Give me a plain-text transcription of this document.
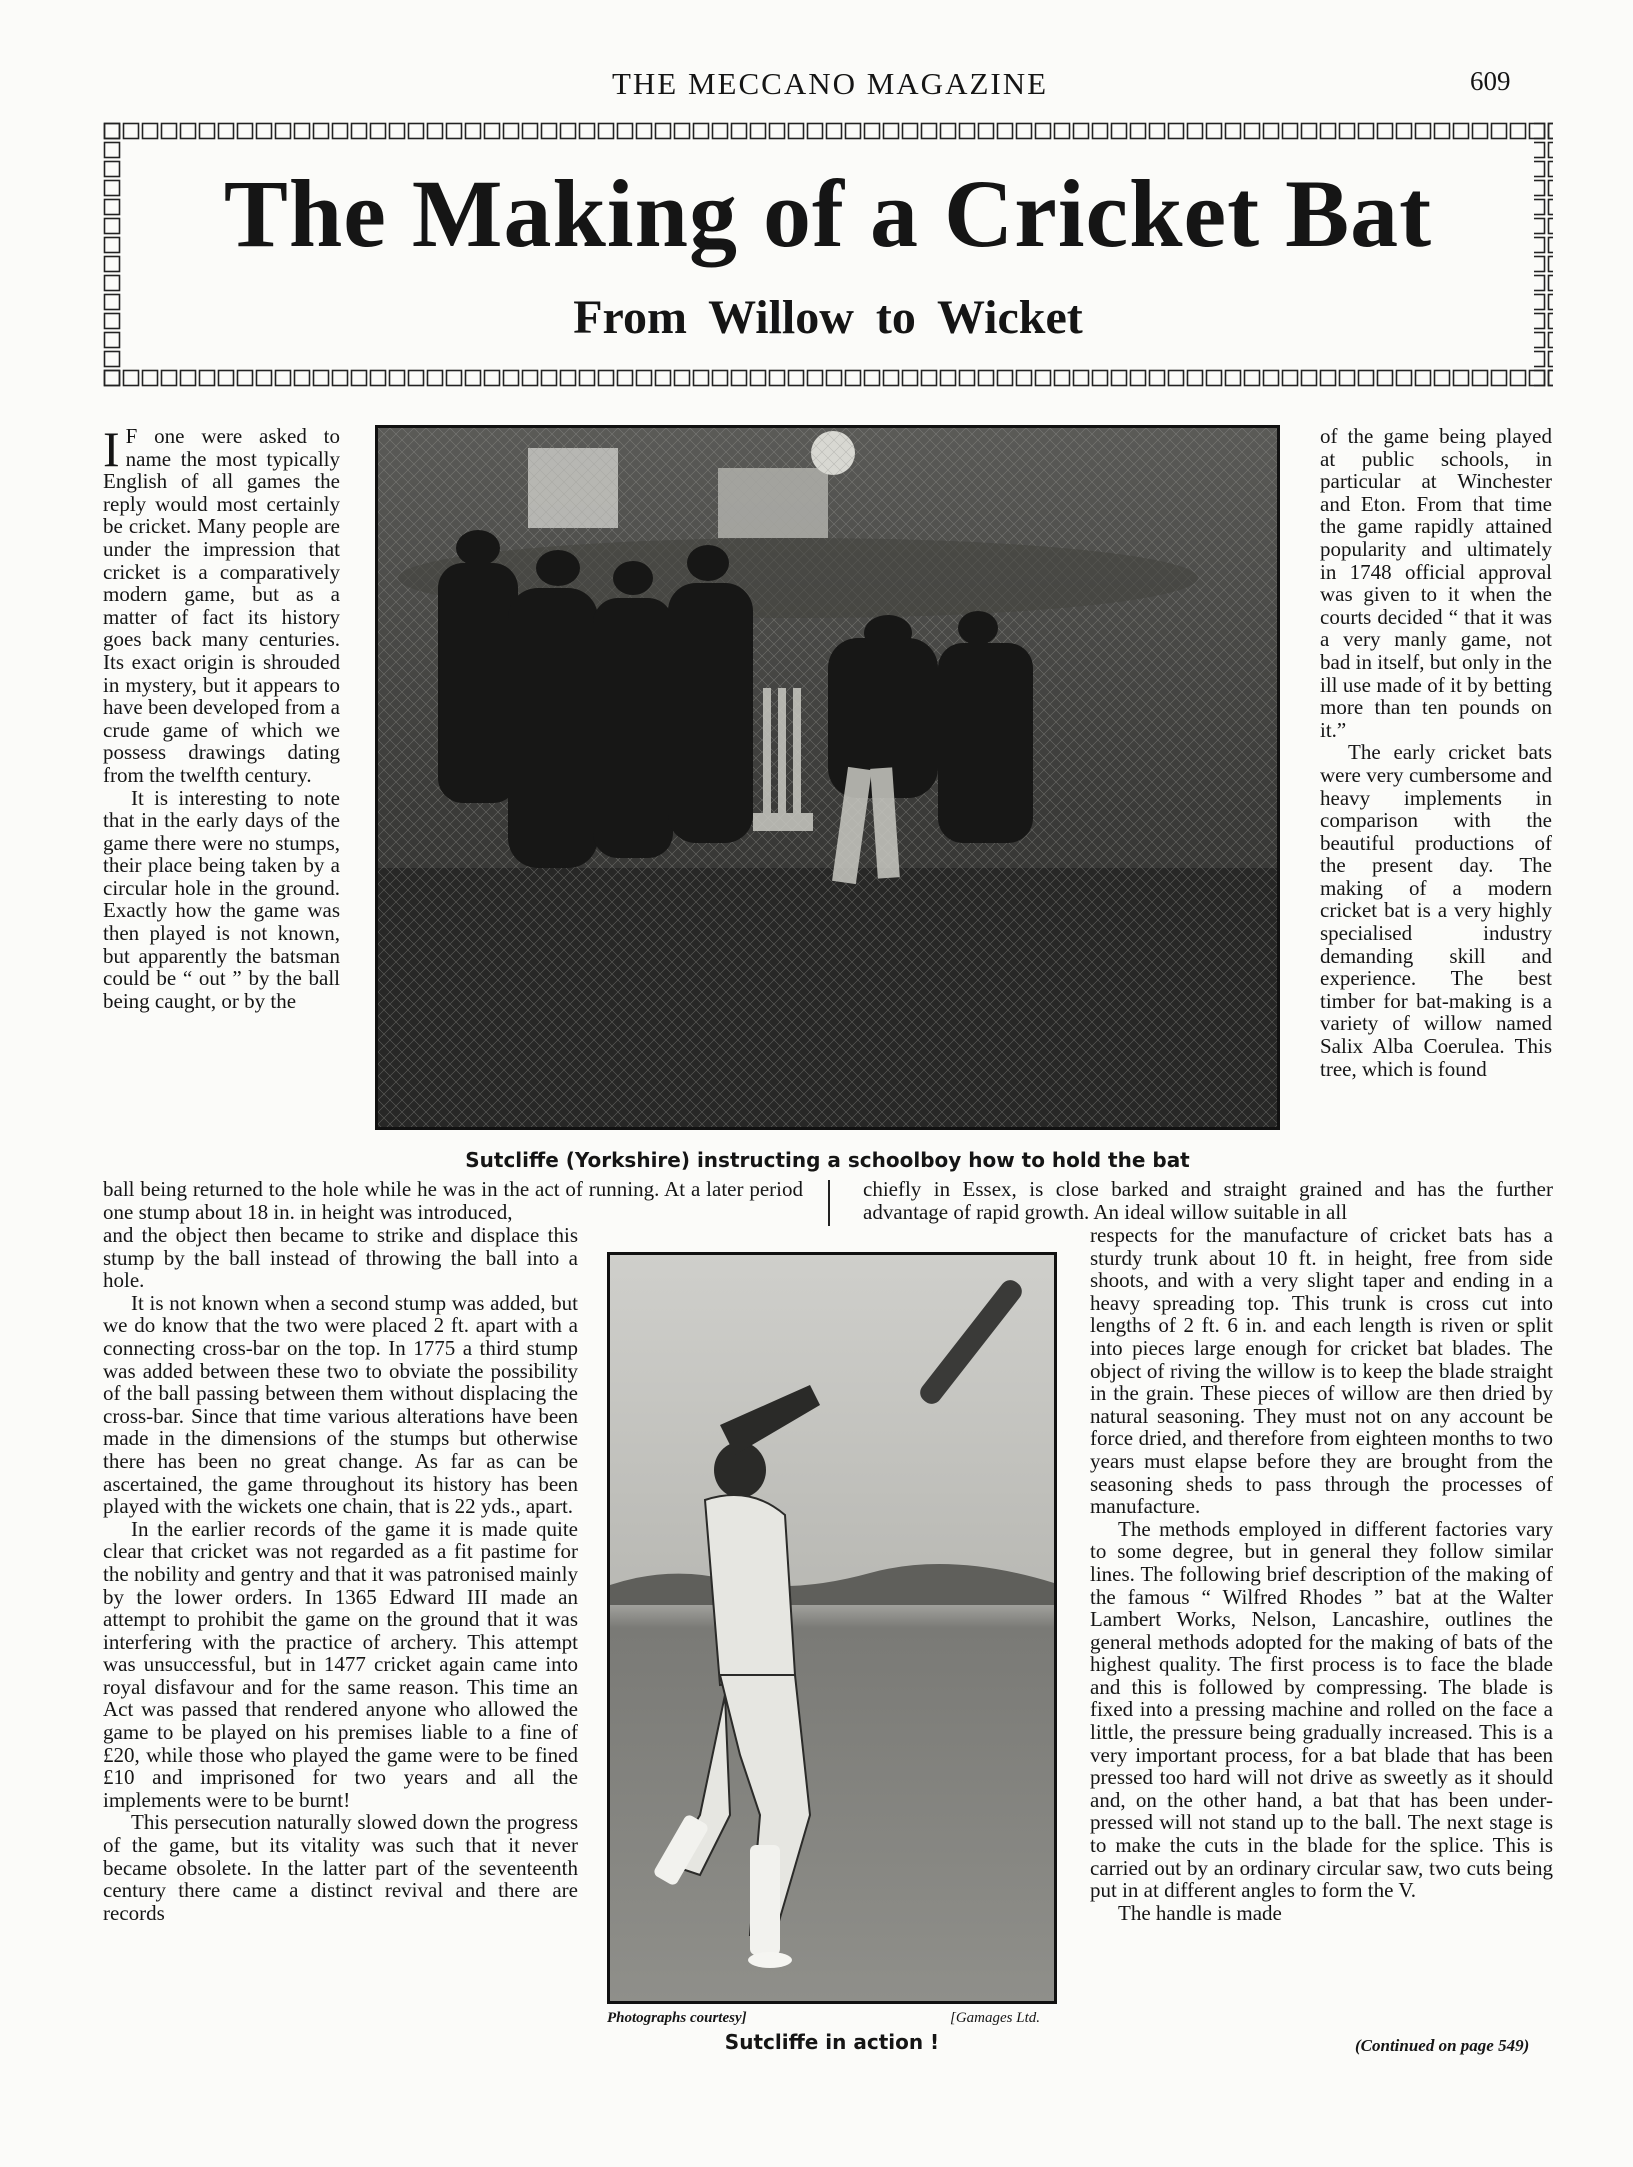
THE MECCANO MAGAZINE	609
The Making of a Cricket Bat
From Willow to Wicket

I F one were asked to name the most typically English of all games the reply would most certainly be cricket. Many people are under the impression that cricket is a comparatively modern game, but as a matter of fact its history goes back many centuries. Its exact origin is shrouded in mystery, but it appears to have been developed from a crude game of which we possess drawings dating from the twelfth century.

It is interesting to note that in the early days of the game there were no stumps, their place being taken by a circular hole in the ground. Exactly how the game was then played is not known, but apparently the batsman could be “ out ” by the ball being caught, or by the

Sutcliffe (Yorkshire) instructing a schoolboy how to hold the bat

of the game being played at public schools, in particular at Winchester and Eton. From that time the game rapidly attained popularity and ultimately in 1748 official approval was given to it when the courts decided “ that it was a very manly game, not bad in itself, but only in the ill use made of it by betting more than ten pounds on it.”

The early cricket bats were very cumbersome and heavy implements in comparison with the beautiful productions of the present day. The making of a modern cricket bat is a very highly specialised industry demanding skill and experience. The best timber for bat-making is a variety of willow named Salix Alba Coerulea. This tree, which is found

ball being returned to the hole while he was in the act of running. At a later period one stump about 18 in. in height was introduced,

chiefly in Essex, is close barked and straight grained and has the further advantage of rapid growth. An ideal willow suitable in all

and the object then became to strike and displace this stump by the ball instead of throwing the ball into a hole.

It is not known when a second stump was added, but we do know that the two were placed 2 ft. apart with a connecting cross-bar on the top. In 1775 a third stump was added between these two to obviate the possibility of the ball passing between them without displacing the cross-bar. Since that time various alterations have been made in the dimensions of the stumps but otherwise there has been no great change. As far as can be ascertained, the game throughout its history has been played with the wickets one chain, that is 22 yds., apart.

In the earlier records of the game it is made quite clear that cricket was not regarded as a fit pastime for the nobility and gentry and that it was patronised mainly by the lower orders. In 1365 Edward III made an attempt to prohibit the game on the ground that it was interfering with the practice of archery. This attempt was unsuccessful, but in 1477 cricket again came into royal disfavour and for the same reason. This time an Act was passed that rendered anyone who allowed the game to be played on his premises liable to a fine of £20, while those who played the game were to be fined £10 and imprisoned for two years and all the implements were to be burnt!

This persecution naturally slowed down the progress of the game, but its vitality was such that it never became obsolete. In the latter part of the seventeenth century there came a distinct revival and there are records

Photographs courtesy]	[Gamages Ltd.
Sutcliffe in action !

respects for the manufacture of cricket bats has a sturdy trunk about 10 ft. in height, free from side shoots, and with a very slight taper and ending in a heavy spreading top. This trunk is cross cut into lengths of 2 ft. 6 in. and each length is riven or split into pieces large enough for cricket bat blades. The object of riving the willow is to keep the blade straight in the grain. These pieces of willow are then dried by natural seasoning. They must not on any account be force dried, and therefore from eighteen months to two years must elapse before they are brought from the seasoning sheds to pass through the processes of manufacture.

The methods employed in different factories vary to some degree, but in general they follow similar lines. The following brief description of the making of the famous “ Wilfred Rhodes ” bat at the Walter Lambert Works, Nelson, Lancashire, outlines the general methods adopted for the making of bats of the highest quality. The first process is to face the blade and this is followed by compressing. The blade is fixed into a pressing machine and rolled on the face a little, the pressure being gradually increased. This is a very important process, for a bat blade that has been pressed too hard will not drive as sweetly as it should and, on the other hand, a bat that has been under-pressed will not stand up to the ball. The next stage is to make the cuts in the blade for the splice. This is carried out by an ordinary circular saw, two cuts being put in at different angles to form the V.

The handle is made

(Continued on page 549)
